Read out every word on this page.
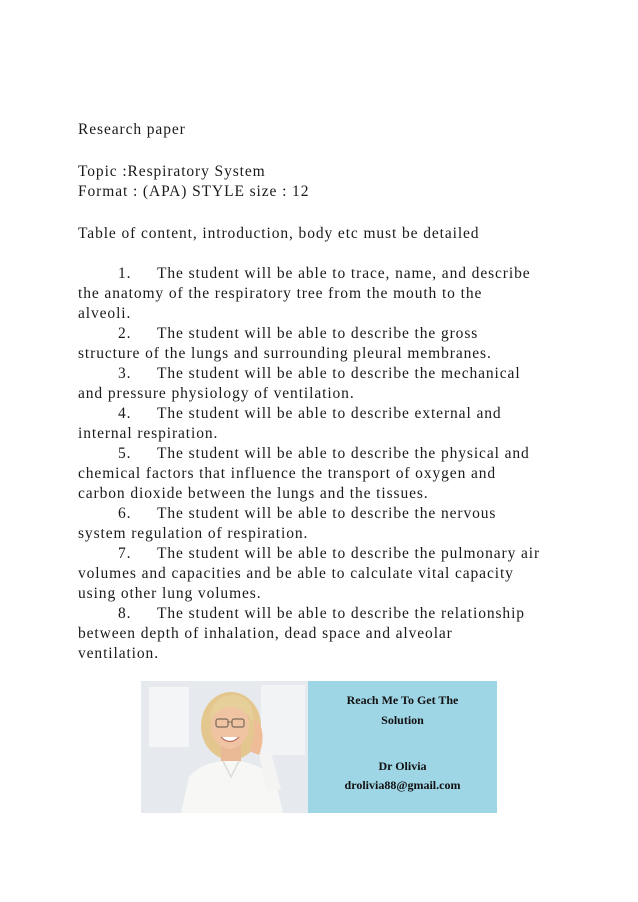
Research paper
Topic :Respiratory System
Format : (APA) STYLE size : 12
Table of content, introduction, body etc must be detailed
1. The student will be able to trace, name, and describe
the anatomy of the respiratory tree from the mouth to the
alveoli.
2. The student will be able to describe the gross
structure of the lungs and surrounding pleural membranes.
3. The student will be able to describe the mechanical
and pressure physiology of ventilation.
4. The student will be able to describe external and
internal respiration.
5. The student will be able to describe the physical and
chemical factors that influence the transport of oxygen and
carbon dioxide between the lungs and the tissues.
6. The student will be able to describe the nervous
system regulation of respiration.
7. The student will be able to describe the pulmonary air
volumes and capacities and be able to calculate vital capacity
using other lung volumes.
8. The student will be able to describe the relationship
between depth of inhalation, dead space and alveolar
ventilation.
Reach Me To Get The
Solution
Dr Olivia
drolivia88@gmail.com
